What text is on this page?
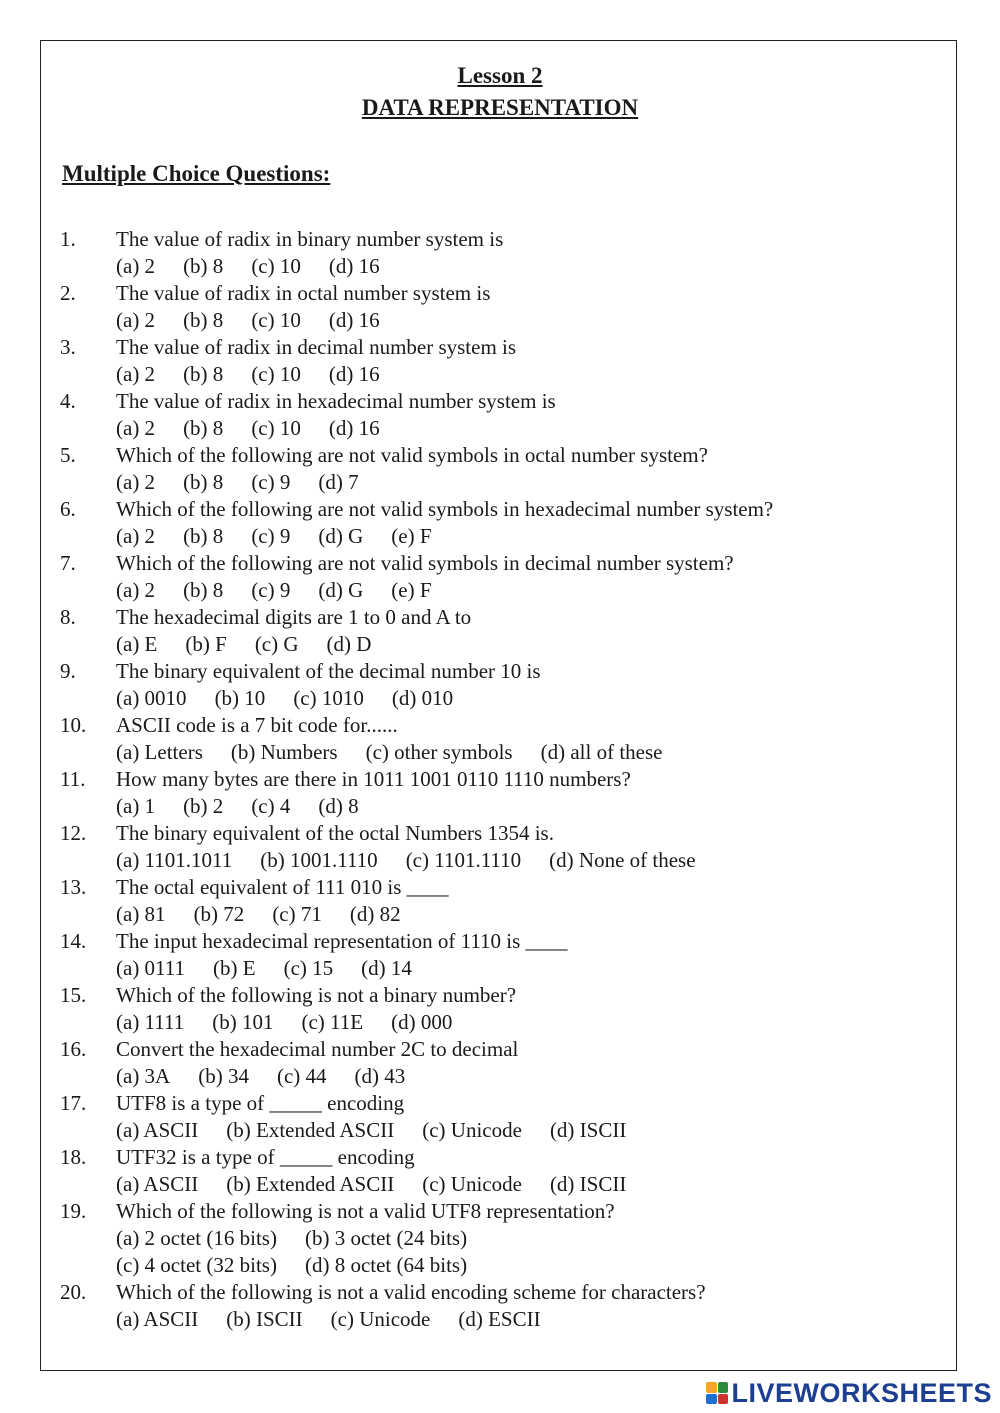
Lesson 2
DATA REPRESENTATION
Multiple Choice Questions:
1.	The value of radix in binary number system is
(a) 2 (b) 8 (c) 10 (d) 16
2.	The value of radix in octal number system is
(a) 2 (b) 8 (c) 10 (d) 16
3.	The value of radix in decimal number system is
(a) 2 (b) 8 (c) 10 (d) 16
4.	The value of radix in hexadecimal number system is
(a) 2 (b) 8 (c) 10 (d) 16
5.	Which of the following are not valid symbols in octal number system?
(a) 2 (b) 8 (c) 9 (d) 7
6.	Which of the following are not valid symbols in hexadecimal number system?
(a) 2 (b) 8 (c) 9 (d) G (e) F
7.	Which of the following are not valid symbols in decimal number system?
(a) 2 (b) 8 (c) 9 (d) G (e) F
8.	The hexadecimal digits are 1 to 0 and A to
(a) E (b) F (c) G (d) D
9.	The binary equivalent of the decimal number 10 is
(a) 0010 (b) 10 (c) 1010 (d) 010
10.	ASCII code is a 7 bit code for......
(a) Letters (b) Numbers (c) other symbols (d) all of these
11.	How many bytes are there in 1011 1001 0110 1110 numbers?
(a) 1 (b) 2 (c) 4 (d) 8
12.	The binary equivalent of the octal Numbers 1354 is.
(a) 1101.1011 (b) 1001.1110 (c) 1101.1110 (d) None of these
13.	The octal equivalent of 111 010 is ____
(a) 81 (b) 72 (c) 71 (d) 82
14.	The input hexadecimal representation of 1110 is ____
(a) 0111 (b) E (c) 15 (d) 14
15.	Which of the following is not a binary number?
(a) 1111 (b) 101 (c) 11E (d) 000
16.	Convert the hexadecimal number 2C to decimal
(a) 3A (b) 34 (c) 44 (d) 43
17.	UTF8 is a type of _____ encoding
(a) ASCII (b) Extended ASCII (c) Unicode (d) ISCII
18.	UTF32 is a type of _____ encoding
(a) ASCII (b) Extended ASCII (c) Unicode (d) ISCII
19.	Which of the following is not a valid UTF8 representation?
(a) 2 octet (16 bits) (b) 3 octet (24 bits)
(c) 4 octet (32 bits) (d) 8 octet (64 bits)
20.	Which of the following is not a valid encoding scheme for characters?
(a) ASCII (b) ISCII (c) Unicode (d) ESCII
LIVEWORKSHEETS
